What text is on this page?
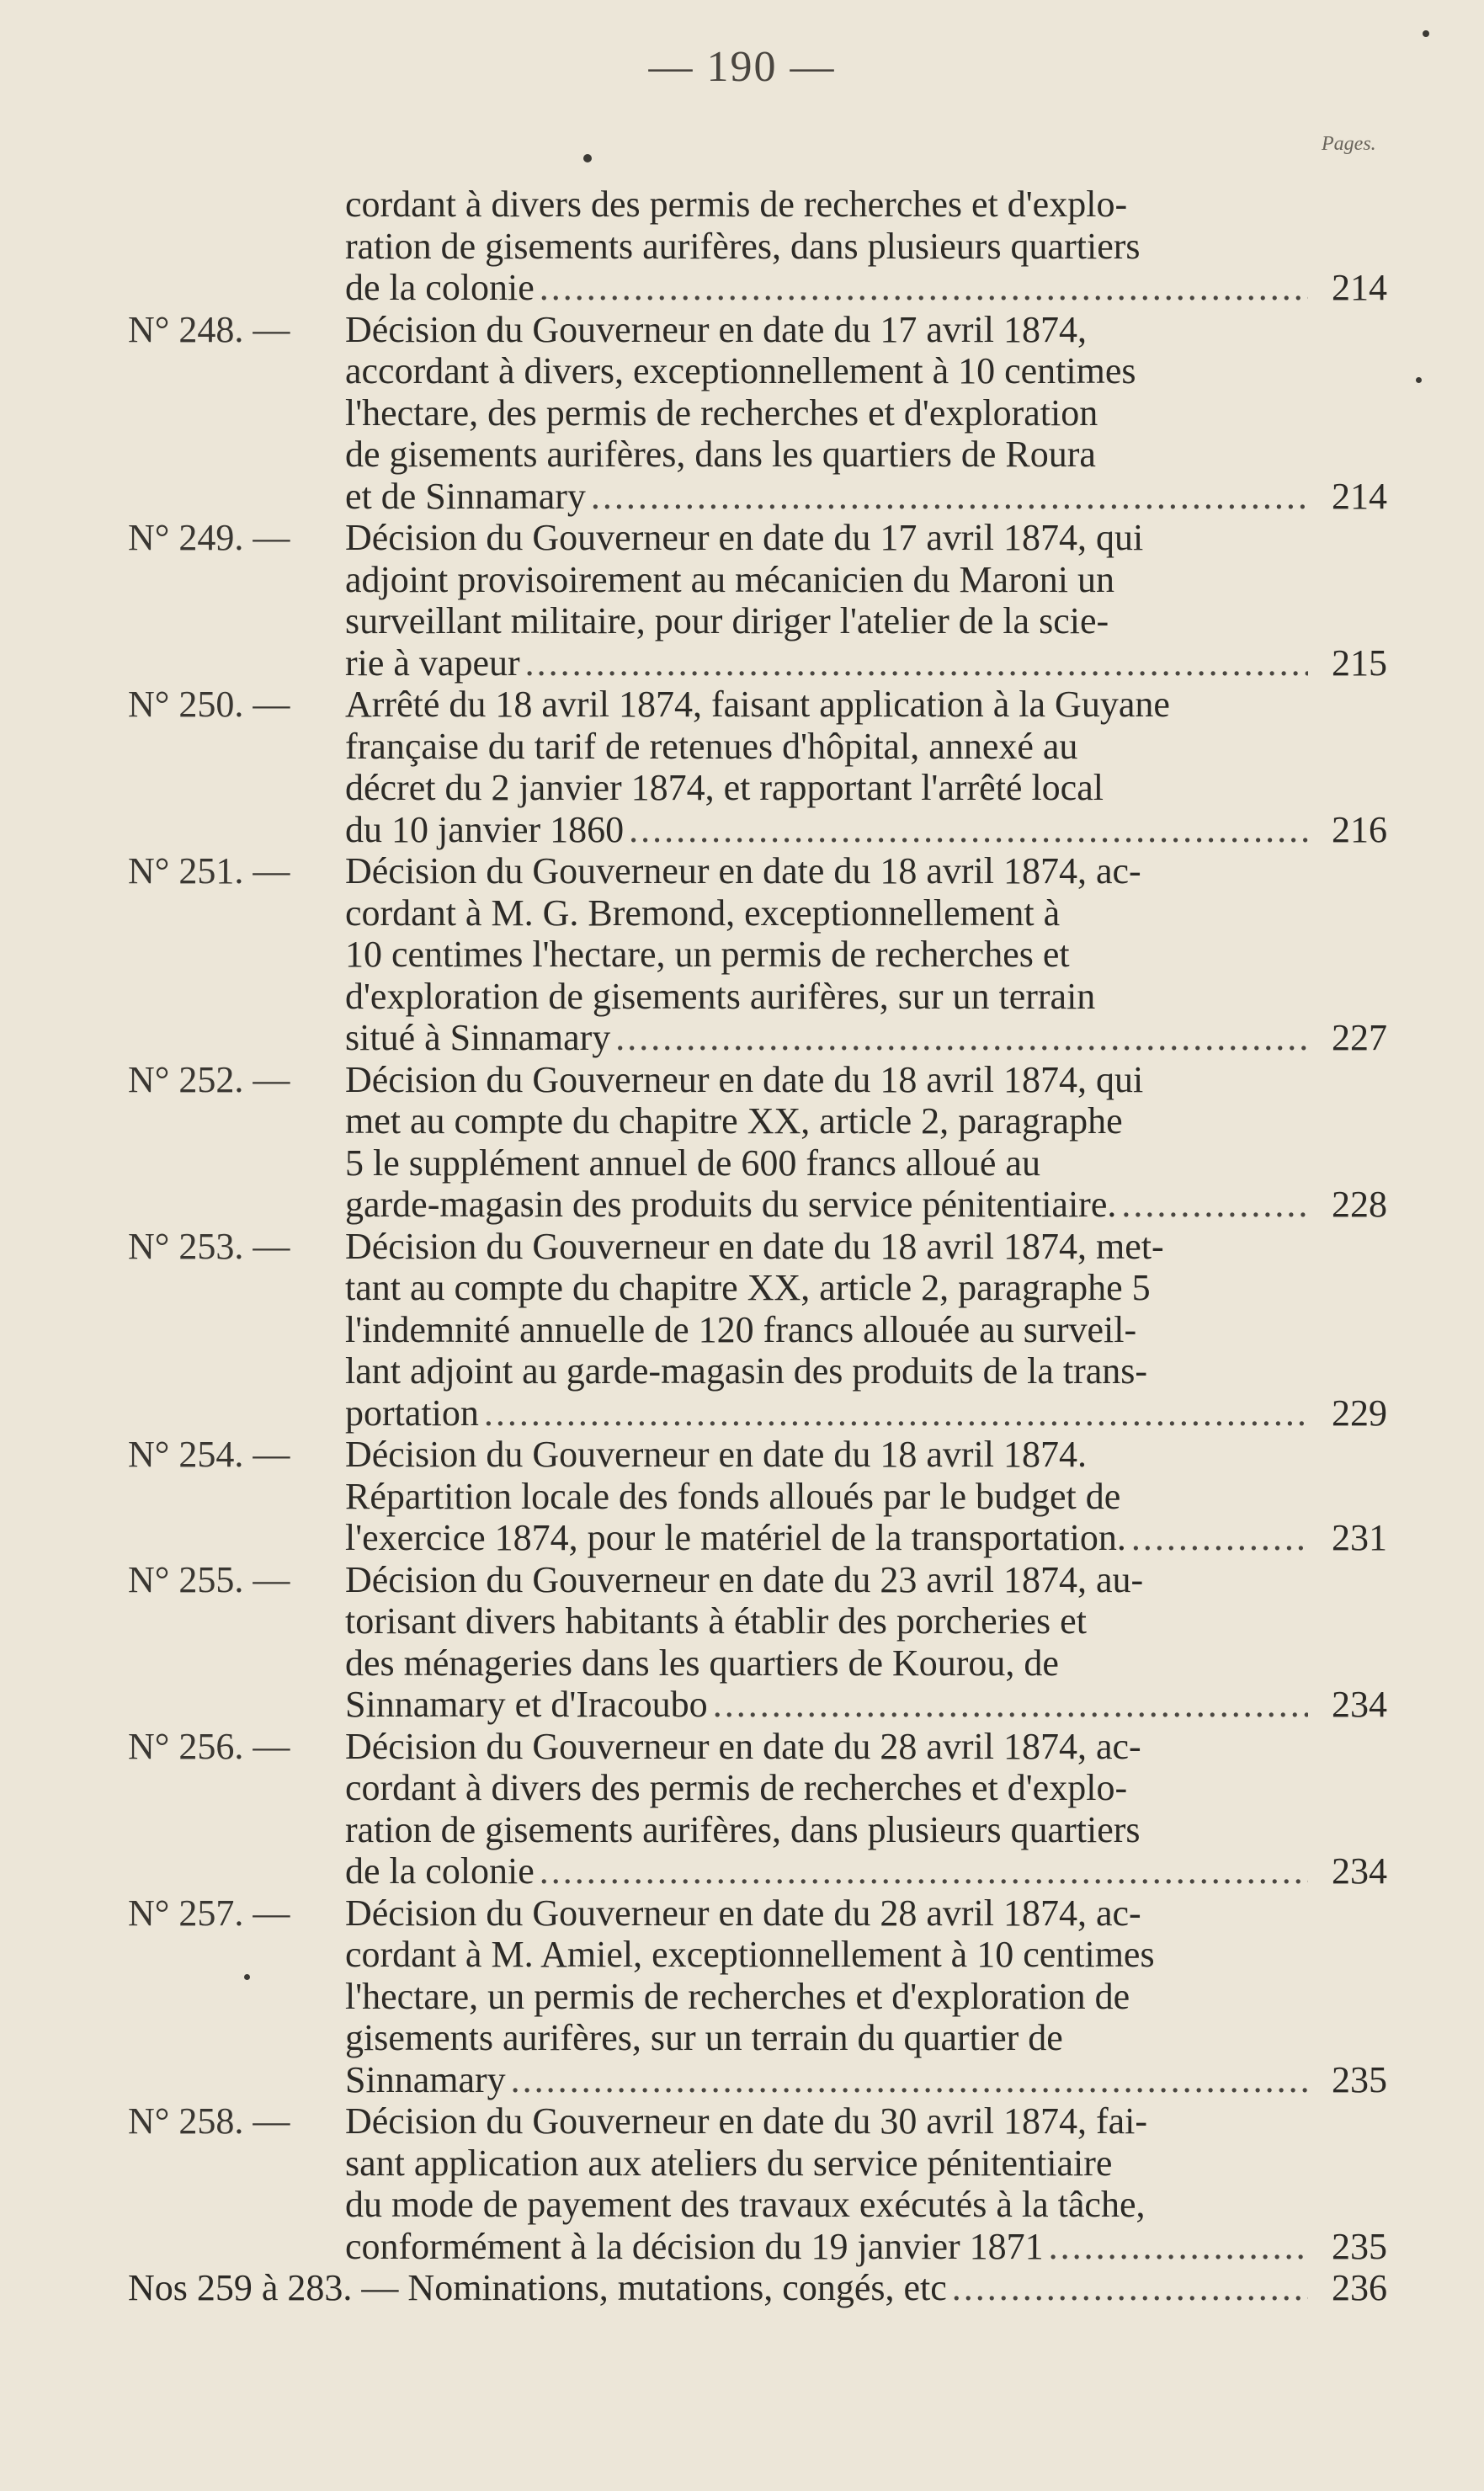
— 190 —
Pages.
cordant à divers des permis de recherches et d'explo-
ration de gisements aurifères, dans plusieurs quartiers
de la colonie .....	214
N° 248. — Décision du Gouverneur en date du 17 avril 1874,
accordant à divers, exceptionnellement à 10 centimes
l'hectare, des permis de recherches et d'exploration
de gisements aurifères, dans les quartiers de Roura
et de Sinnamary .....	214
N° 249. — Décision du Gouverneur en date du 17 avril 1874, qui
adjoint provisoirement au mécanicien du Maroni un
surveillant militaire, pour diriger l'atelier de la scie-
rie à vapeur .....	215
N° 250. — Arrêté du 18 avril 1874, faisant application à la Guyane
française du tarif de retenues d'hôpital, annexé au
décret du 2 janvier 1874, et rapportant l'arrêté local
du 10 janvier 1860 .....	216
N° 251. — Décision du Gouverneur en date du 18 avril 1874, ac-
cordant à M. G. Bremond, exceptionnellement à
10 centimes l'hectare, un permis de recherches et
d'exploration de gisements aurifères, sur un terrain
situé à Sinnamary .....	227
N° 252. — Décision du Gouverneur en date du 18 avril 1874, qui
met au compte du chapitre XX, article 2, paragraphe
5 le supplément annuel de 600 francs alloué au
garde-magasin des produits du service pénitentiaire. .....	228
N° 253. — Décision du Gouverneur en date du 18 avril 1874, met-
tant au compte du chapitre XX, article 2, paragraphe 5
l'indemnité annuelle de 120 francs allouée au surveil-
lant adjoint au garde-magasin des produits de la trans-
portation .....	229
N° 254. — Décision du Gouverneur en date du 18 avril 1874.
Répartition locale des fonds alloués par le budget de
l'exercice 1874, pour le matériel de la transportation. .....	231
N° 255. — Décision du Gouverneur en date du 23 avril 1874, au-
torisant divers habitants à établir des porcheries et
des ménageries dans les quartiers de Kourou, de
Sinnamary et d'Iracoubo .....	234
N° 256. — Décision du Gouverneur en date du 28 avril 1874, ac-
cordant à divers des permis de recherches et d'explo-
ration de gisements aurifères, dans plusieurs quartiers
de la colonie .....	234
N° 257. — Décision du Gouverneur en date du 28 avril 1874, ac-
cordant à M. Amiel, exceptionnellement à 10 centimes
l'hectare, un permis de recherches et d'exploration de
gisements aurifères, sur un terrain du quartier de
Sinnamary .....	235
N° 258. — Décision du Gouverneur en date du 30 avril 1874, fai-
sant application aux ateliers du service pénitentiaire
du mode de payement des travaux exécutés à la tâche,
conformément à la décision du 19 janvier 1871 .....	235
Nos 259 à 283. — Nominations, mutations, congés, etc .....	236
